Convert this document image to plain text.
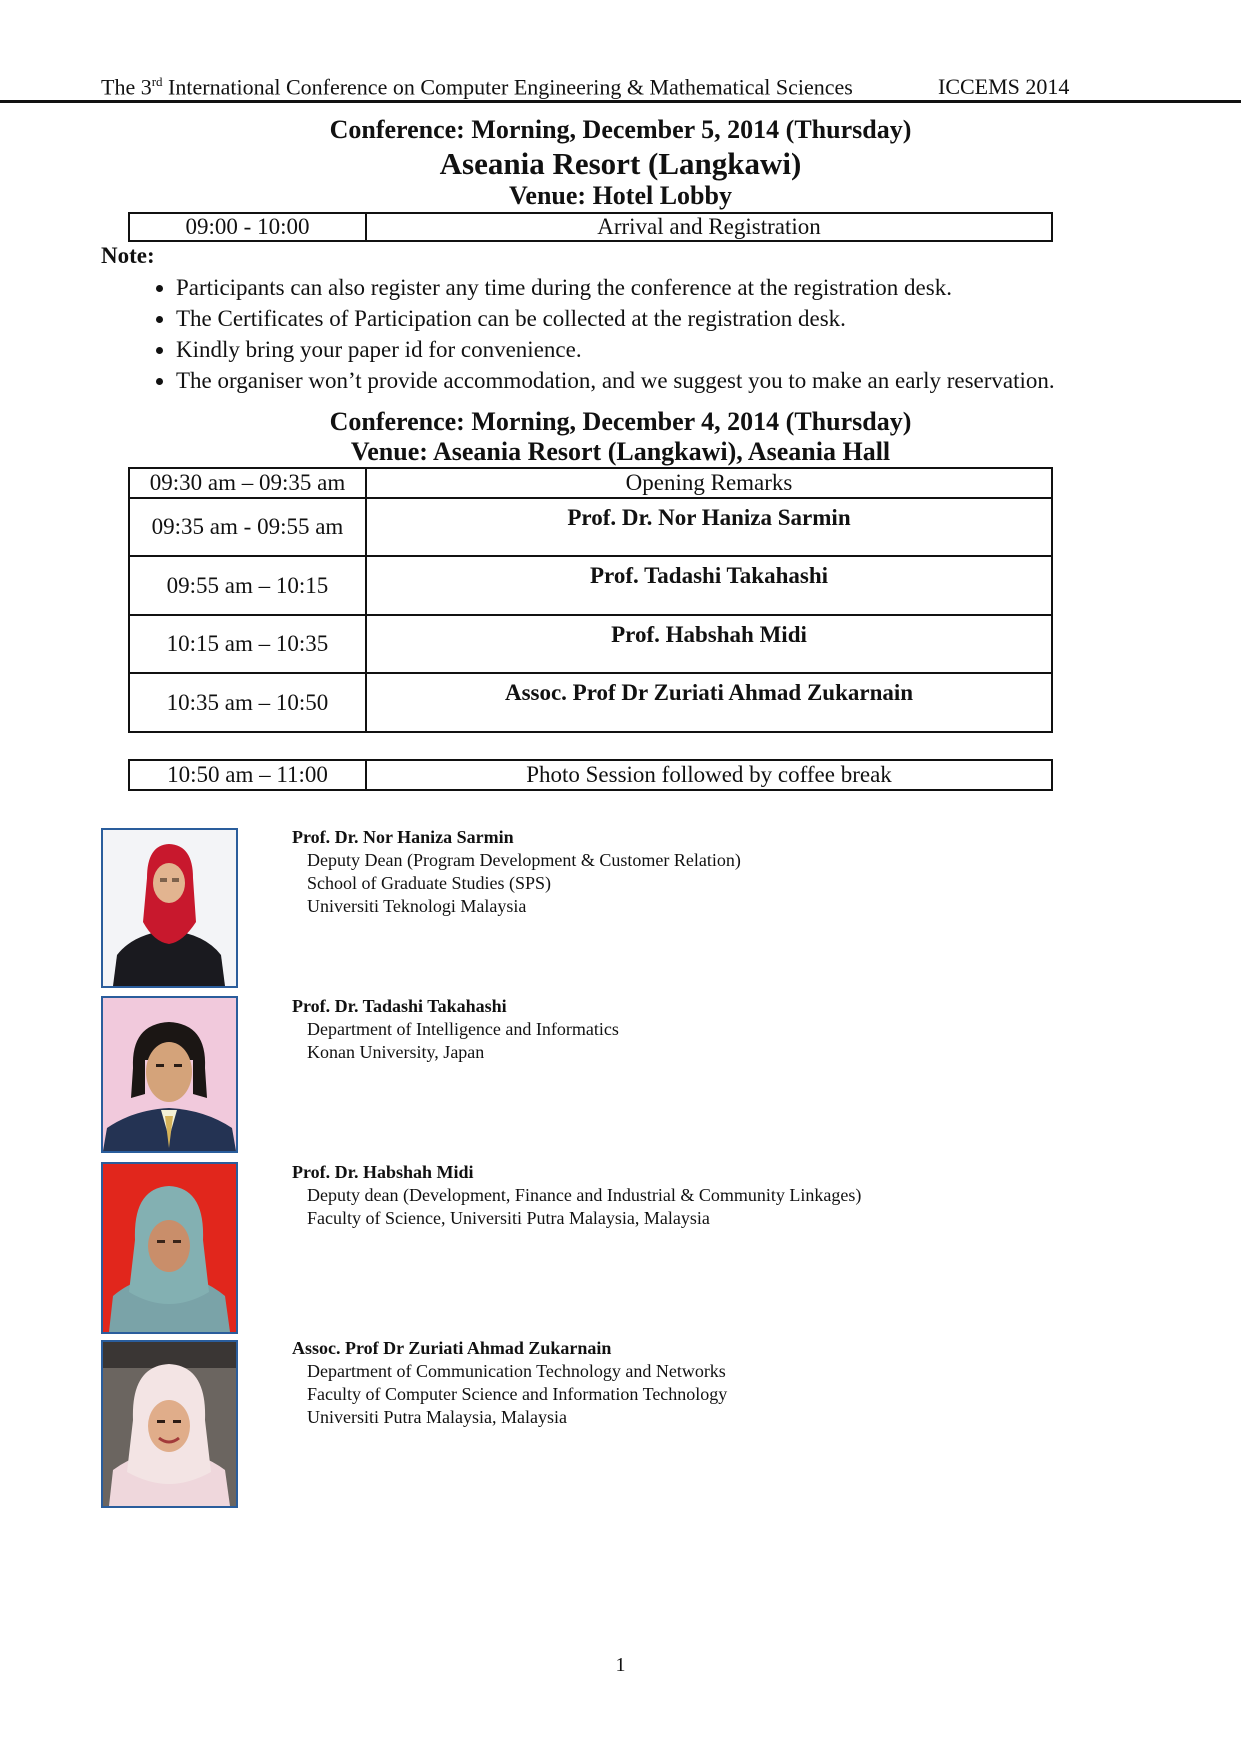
The 3rd International Conference on Computer Engineering & Mathematical Sciences	ICCEMS 2014
Conference: Morning, December 5, 2014 (Thursday)
Aseania Resort (Langkawi)
Venue: Hotel Lobby
09:00 - 10:00	Arrival and Registration
Note:
• Participants can also register any time during the conference at the registration desk.
• The Certificates of Participation can be collected at the registration desk.
• Kindly bring your paper id for convenience.
• The organiser won’t provide accommodation, and we suggest you to make an early reservation.
Conference: Morning, December 4, 2014 (Thursday)
Venue: Aseania Resort (Langkawi), Aseania Hall
09:30 am – 09:35 am	Opening Remarks
09:35 am - 09:55 am	Prof. Dr. Nor Haniza Sarmin
09:55 am – 10:15	Prof. Tadashi Takahashi
10:15 am – 10:35	Prof. Habshah Midi
10:35 am – 10:50	Assoc. Prof Dr Zuriati Ahmad Zukarnain
10:50 am – 11:00	Photo Session followed by coffee break
Prof. Dr. Nor Haniza Sarmin
Deputy Dean (Program Development & Customer Relation)
School of Graduate Studies (SPS)
Universiti Teknologi Malaysia
Prof. Dr. Tadashi Takahashi
Department of Intelligence and Informatics
Konan University, Japan
Prof. Dr. Habshah Midi
Deputy dean (Development, Finance and Industrial & Community Linkages)
Faculty of Science, Universiti Putra Malaysia, Malaysia
Assoc. Prof Dr Zuriati Ahmad Zukarnain
Department of Communication Technology and Networks
Faculty of Computer Science and Information Technology
Universiti Putra Malaysia, Malaysia
1
